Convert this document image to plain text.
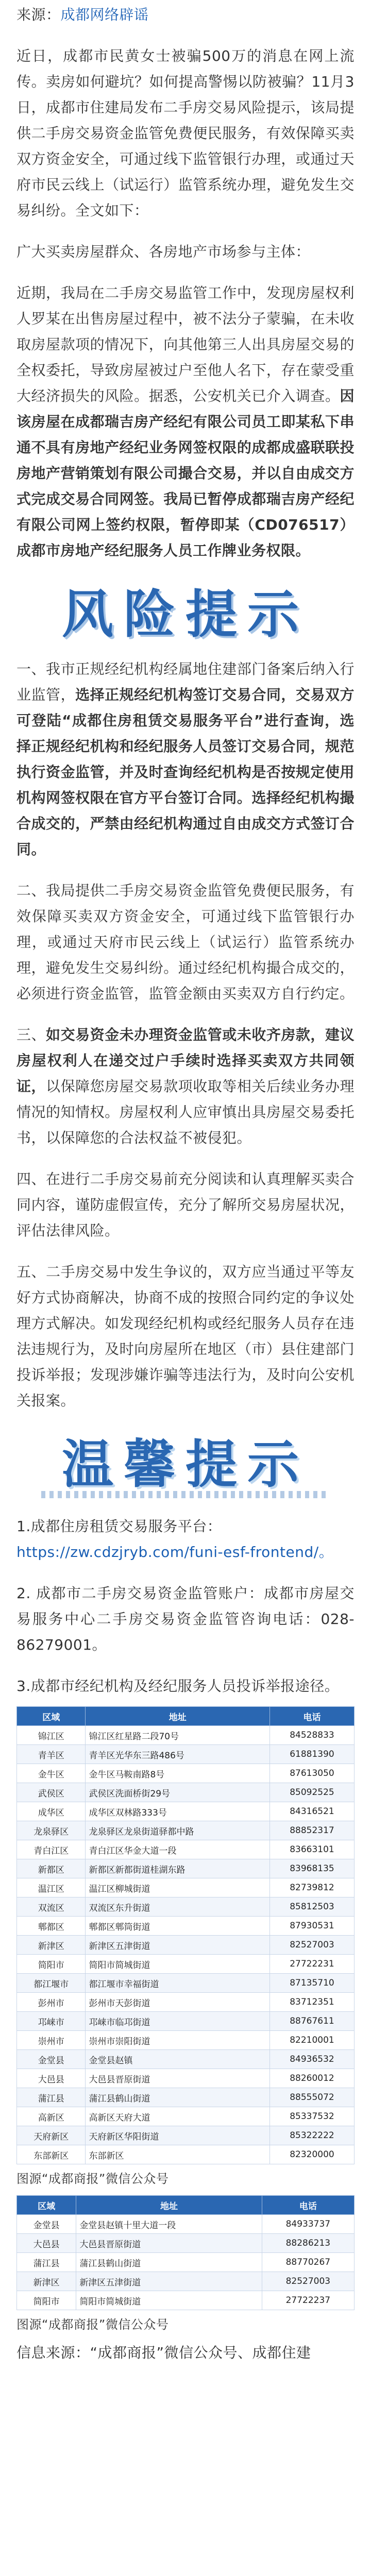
来源：成都网络辟谣

近日，成都市民黄女士被骗500万的消息在网上流传。卖房如何避坑？如何提高警惕以防被骗？11月3日，成都市住建局发布二手房交易风险提示，该局提供二手房交易资金监管免费便民服务，有效保障买卖双方资金安全，可通过线下监管银行办理，或通过天府市民云线上（试运行）监管系统办理，避免发生交易纠纷。全文如下：

广大买卖房屋群众、各房地产市场参与主体：

近期，我局在二手房交易监管工作中，发现房屋权利人罗某在出售房屋过程中，被不法分子蒙骗，在未收取房屋款项的情况下，向其他第三人出具房屋交易的全权委托，导致房屋被过户至他人名下，存在蒙受重大经济损失的风险。据悉，公安机关已介入调查。因该房屋在成都瑞吉房产经纪有限公司员工即某私下串通不具有房地产经纪业务网签权限的成都成盛联联投房地产营销策划有限公司撮合交易，并以自由成交方式完成交易合同网签。我局已暂停成都瑞吉房产经纪有限公司网上签约权限，暂停即某（CD076517）成都市房地产经纪服务人员工作牌业务权限。

风险提示

一、我市正规经纪机构经属地住建部门备案后纳入行业监管，选择正规经纪机构签订交易合同，交易双方可登陆“成都住房租赁交易服务平台”进行查询，选择正规经纪机构和经纪服务人员签订交易合同，规范执行资金监管，并及时查询经纪机构是否按规定使用机构网签权限在官方平台签订合同。选择经纪机构撮合成交的，严禁由经纪机构通过自由成交方式签订合同。

二、我局提供二手房交易资金监管免费便民服务，有效保障买卖双方资金安全，可通过线下监管银行办理，或通过天府市民云线上（试运行）监管系统办理，避免发生交易纠纷。通过经纪机构撮合成交的，必须进行资金监管，监管金额由买卖双方自行约定。

三、如交易资金未办理资金监管或未收齐房款，建议房屋权利人在递交过户手续时选择买卖双方共同领证，以保障您房屋交易款项收取等相关后续业务办理情况的知情权。房屋权利人应审慎出具房屋交易委托书，以保障您的合法权益不被侵犯。

四、在进行二手房交易前充分阅读和认真理解买卖合同内容，谨防虚假宣传，充分了解所交易房屋状况，评估法律风险。

五、二手房交易中发生争议的，双方应当通过平等友好方式协商解决，协商不成的按照合同约定的争议处理方式解决。如发现经纪机构或经纪服务人员存在违法违规行为，及时向房屋所在地区（市）县住建部门投诉举报；发现涉嫌诈骗等违法行为，及时向公安机关报案。

温馨提示

1.成都住房租赁交易服务平台：
https://zw.cdzjryb.com/funi-esf-frontend/。

2. 成都市二手房交易资金监管账户：成都市房屋交易服务中心二手房交易资金监管咨询电话：028-86279001。

3.成都市经纪机构及经纪服务人员投诉举报途径。

区域	地址	电话
锦江区	锦江区红星路二段70号	84528833
青羊区	青羊区光华东三路486号	61881390
金牛区	金牛区马鞍南路8号	87613050
武侯区	武侯区洗面桥街29号	85092525
成华区	成华区双林路333号	84316521
龙泉驿区	龙泉驿区龙泉街道驿都中路	88852317
青白江区	青白江区华金大道一段	83663101
新都区	新都区新都街道桂湖东路	83968135
温江区	温江区柳城街道	82739812
双流区	双流区东升街道	85812503
郫都区	郫都区郫筒街道	87930531
新津区	新津区五津街道	82527003
简阳市	简阳市简城街道	27722231
都江堰市	都江堰市幸福街道	87135710
彭州市	彭州市天彭街道	83712351
邛崃市	邛崃市临邛街道	88767611
崇州市	崇州市崇阳街道	82210001
金堂县	金堂县赵镇	84936532
大邑县	大邑县晋原街道	88260012
蒲江县	蒲江县鹤山街道	88555072
高新区	高新区天府大道	85337532
天府新区	天府新区华阳街道	85322222
东部新区	东部新区	82320000

图源“成都商报”微信公众号

区域	地址	电话
金堂县	金堂县赵镇十里大道一段	84933737
大邑县	大邑县晋原街道	88286213
蒲江县	蒲江县鹤山街道	88770267
新津区	新津区五津街道	82527003
简阳市	简阳市简城街道	27722237

图源“成都商报”微信公众号

信息来源：“成都商报”微信公众号、成都住建
